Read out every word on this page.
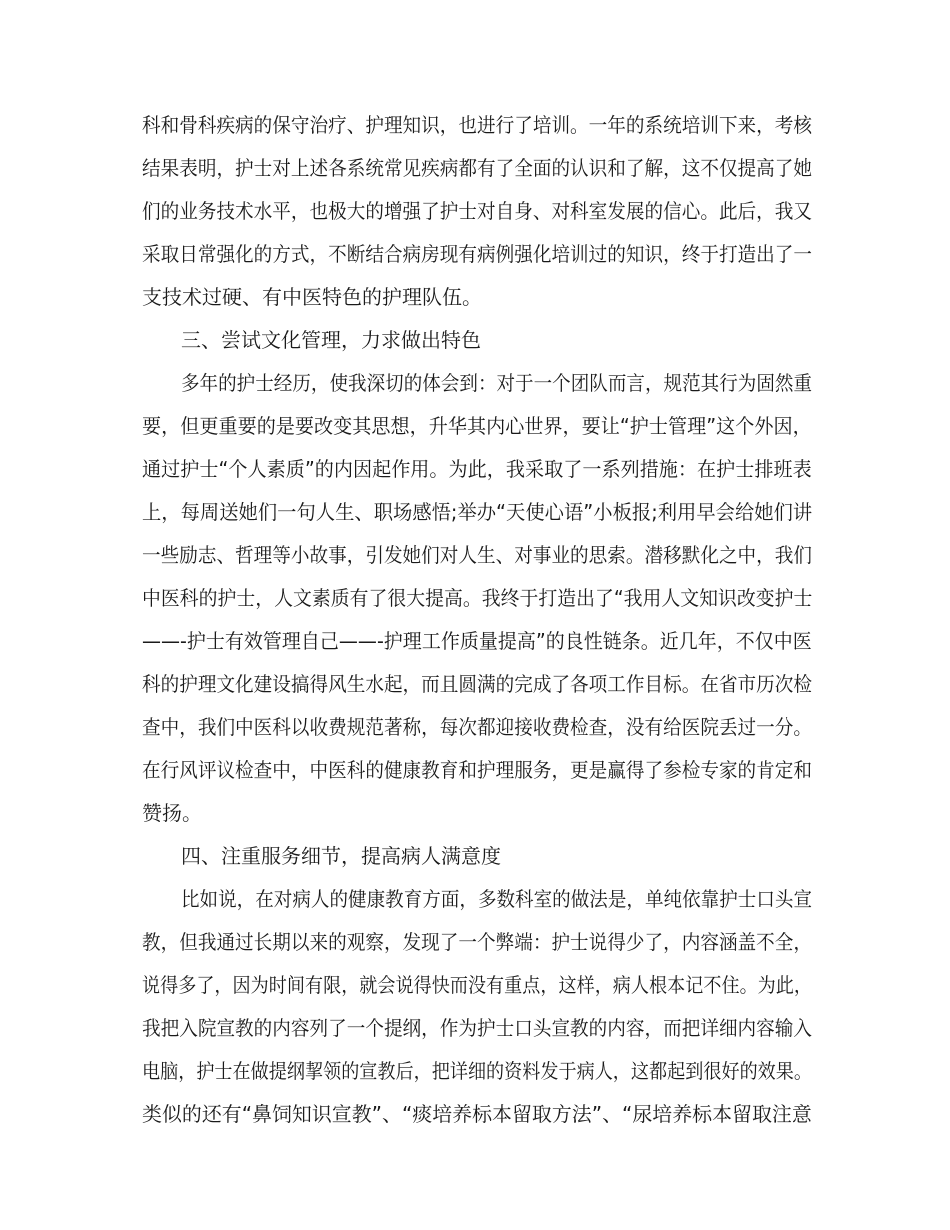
科和骨科疾病的保守治疗、护理知识，也进行了培训。一年的系统培训下来，考核
结果表明，护士对上述各系统常见疾病都有了全面的认识和了解，这不仅提高了她
们的业务技术水平，也极大的增强了护士对自身、对科室发展的信心。此后，我又
采取日常强化的方式，不断结合病房现有病例强化培训过的知识，终于打造出了一
支技术过硬、有中医特色的护理队伍。
三、尝试文化管理，力求做出特色
多年的护士经历，使我深切的体会到：对于一个团队而言，规范其行为固然重
要，但更重要的是要改变其思想，升华其内心世界，要让“护士管理”这个外因，
通过护士“个人素质”的内因起作用。为此，我采取了一系列措施：在护士排班表
上，每周送她们一句人生、职场感悟;举办“天使心语”小板报;利用早会给她们讲
一些励志、哲理等小故事，引发她们对人生、对事业的思索。潜移默化之中，我们
中医科的护士，人文素质有了很大提高。我终于打造出了“我用人文知识改变护士
——-护士有效管理自己——-护理工作质量提高”的良性链条。近几年，不仅中医
科的护理文化建设搞得风生水起，而且圆满的完成了各项工作目标。在省市历次检
查中，我们中医科以收费规范著称，每次都迎接收费检查，没有给医院丢过一分。
在行风评议检查中，中医科的健康教育和护理服务，更是赢得了参检专家的肯定和
赞扬。
四、注重服务细节，提高病人满意度
比如说，在对病人的健康教育方面，多数科室的做法是，单纯依靠护士口头宣
教，但我通过长期以来的观察，发现了一个弊端：护士说得少了，内容涵盖不全，
说得多了，因为时间有限，就会说得快而没有重点，这样，病人根本记不住。为此，
我把入院宣教的内容列了一个提纲，作为护士口头宣教的内容，而把详细内容输入
电脑，护士在做提纲挈领的宣教后，把详细的资料发于病人，这都起到很好的效果。
类似的还有“鼻饲知识宣教”、“痰培养标本留取方法”、“尿培养标本留取注意
